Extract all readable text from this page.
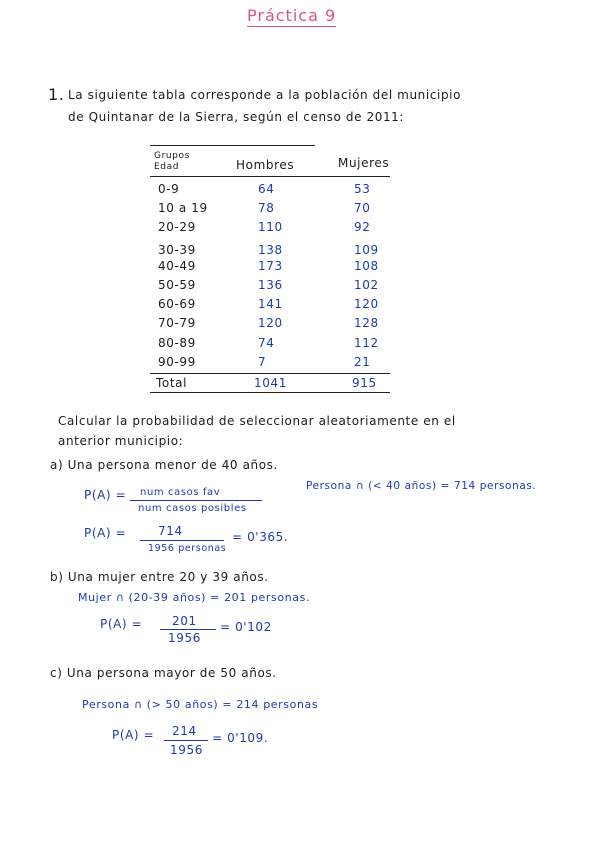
Práctica 9
1. La siguiente tabla corresponde a la población del municipio
de Quintanar de la Sierra, según el censo de 2011:
Grupos Edad	Hombres	Mujeres
0-9	64	53
10 a 19	78	70
20-29	110	92
30-39	138	109
40-49	173	108
50-59	136	102
60-69	141	120
70-79	120	128
80-89	74	112
90-99	7	21
Total	1041	915
Calcular la probabilidad de seleccionar aleatoriamente en el
anterior municipio:
a) Una persona menor de 40 años.
P(A) = num casos fav
num casos posibles
Persona ∩ (< 40 años) = 714 personas.
P(A) =	714
1956 personas
= 0'365.
b) Una mujer entre 20 y 39 años.
Mujer ∩ (20-39 años) = 201 personas.
P(A) = 201
1956
= 0'102
c) Una persona mayor de 50 años.
Persona ∩ (> 50 años) = 214 personas
P(A) = 214
1956
= 0'109.
